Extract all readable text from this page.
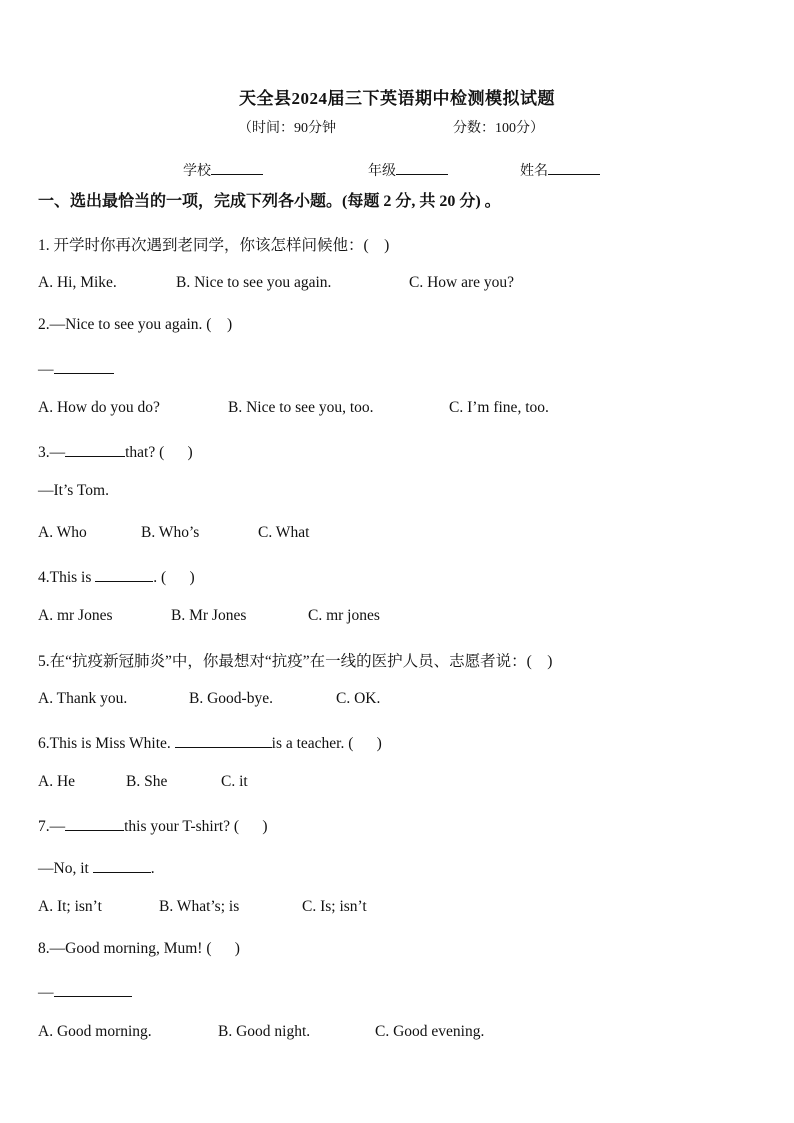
天全县2024届三下英语期中检测模拟试题
（时间：90分钟	分数：100分）
学校	年级	姓名
一、选出最恰当的一项，完成下列各小题。(每题 2 分, 共 20 分) 。
1. 开学时你再次遇到老同学，你该怎样问候他：(    )
A. Hi, Mike.	B. Nice to see you again.	C. How are you?
2.—Nice to see you again. (    )
—
A. How do you do?	B. Nice to see you, too.	C. I’m fine, too.
3.—	that? (      )
—It’s Tom.
A. Who	B. Who’s	C. What
4.This is	. (      )
A. mr Jones	B. Mr Jones	C. mr jones
5.在“抗疫新冠肺炎”中，你最想对“抗疫”在一线的医护人员、志愿者说：(    )
A. Thank you.	B. Good-bye.	C. OK.
6.This is Miss White.	is a teacher. (      )
A. He	B. She	C. it
7.—	this your T-shirt? (      )
—No, it	.
A. It; isn’t	B. What’s; is	C. Is; isn’t
8.—Good morning, Mum! (      )
—
A. Good morning.	B. Good night.	C. Good evening.
